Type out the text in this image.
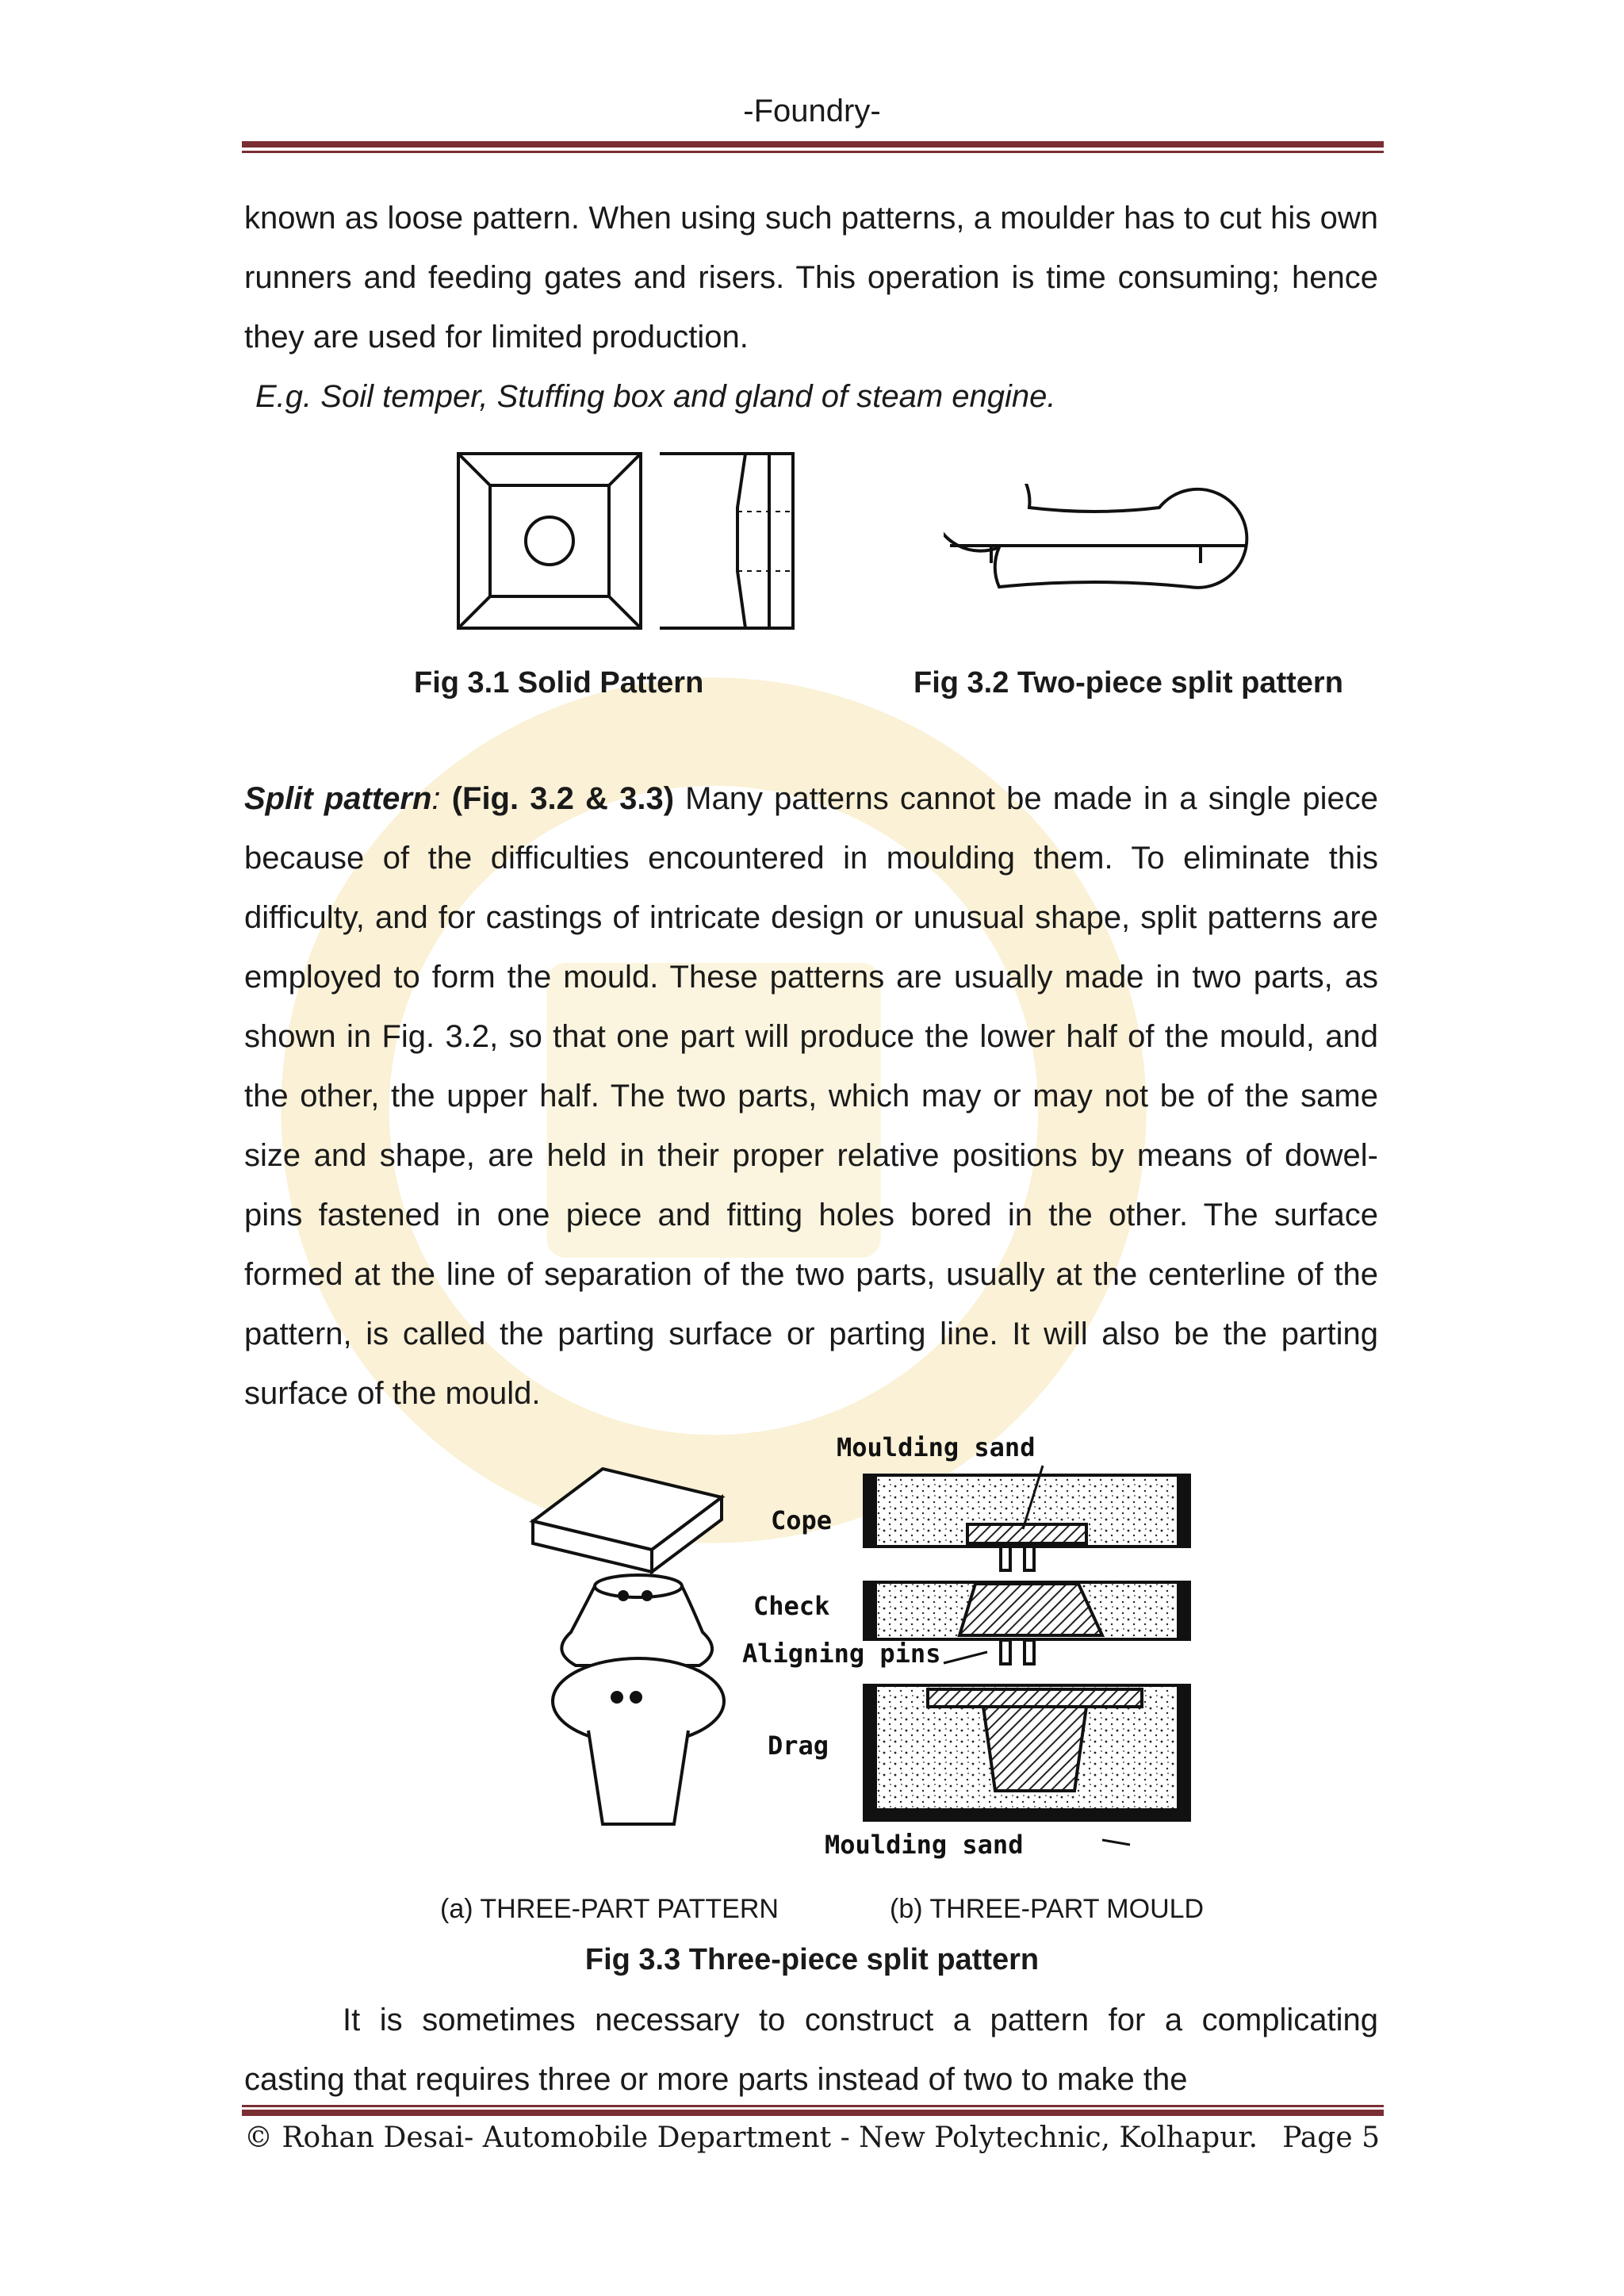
-Foundry-

known as loose pattern. When using such patterns, a moulder has to cut his own runners and feeding gates and risers. This operation is time consuming; hence they are used for limited production.

E.g. Soil temper, Stuffing box and gland of steam engine.

Fig 3.1 Solid Pattern	Fig 3.2 Two-piece split pattern

Split pattern: (Fig. 3.2 & 3.3) Many patterns cannot be made in a single piece because of the difficulties encountered in moulding them. To eliminate this difficulty, and for castings of intricate design or unusual shape, split patterns are employed to form the mould. These patterns are usually made in two parts, as shown in Fig. 3.2, so that one part will produce the lower half of the mould, and the other, the upper half. The two parts, which may or may not be of the same size and shape, are held in their proper relative positions by means of dowel-pins fastened in one piece and fitting holes bored in the other. The surface formed at the line of separation of the two parts, usually at the centerline of the pattern, is called the parting surface or parting line. It will also be the parting surface of the mould.

Moulding sand
Cope
Check
Aligning pins
Drag
Moulding sand
(a) THREE-PART PATTERN	(b) THREE-PART MOULD
Fig 3.3 Three-piece split pattern

It is sometimes necessary to construct a pattern for a complicating casting that requires three or more parts instead of two to make the

© Rohan Desai- Automobile Department - New Polytechnic, Kolhapur. Page 5
